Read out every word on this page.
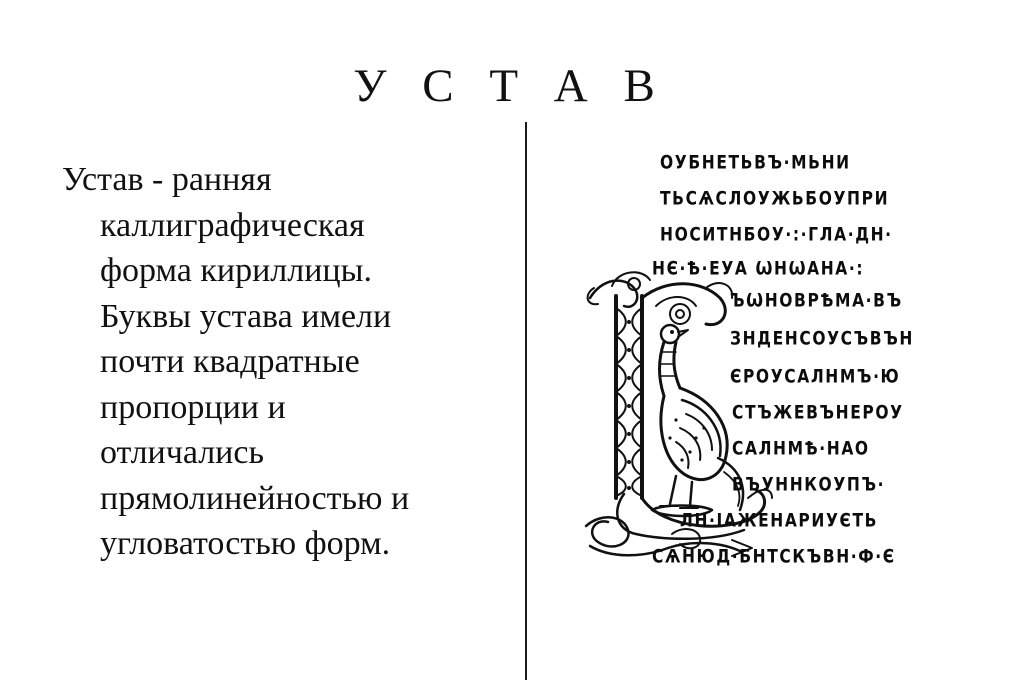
У С Т А В
Устав - ранняя
каллиграфическая
форма кириллицы.
Буквы устава имели
почти квадратные
пропорции и
отличались
прямолинейностью и
угловатостью форм.
ОУБНЕТЬВЪ·МЬНИ
ТЬСѦСЛОУЖЬБОУПРИ
НОСИТНБОУ·:·ГЛА·ДН·
НЄ·Ѣ·ЕУА ѠНѠАНА·:
ЪѠНОВРѢМА·ВЪ
ЗНДЕНСОУСЪВЪН
ЄРОУСАЛНМЪ·Ю
СТЪЖЕВЪНЕРОУ
САЛНМѢ·НАО
ВЪУННКОУПЪ·
ЛН·ІАЖЕНАРИУЄТЬ
СѦНЮД·БНТСКЪВН·Ф·Є
